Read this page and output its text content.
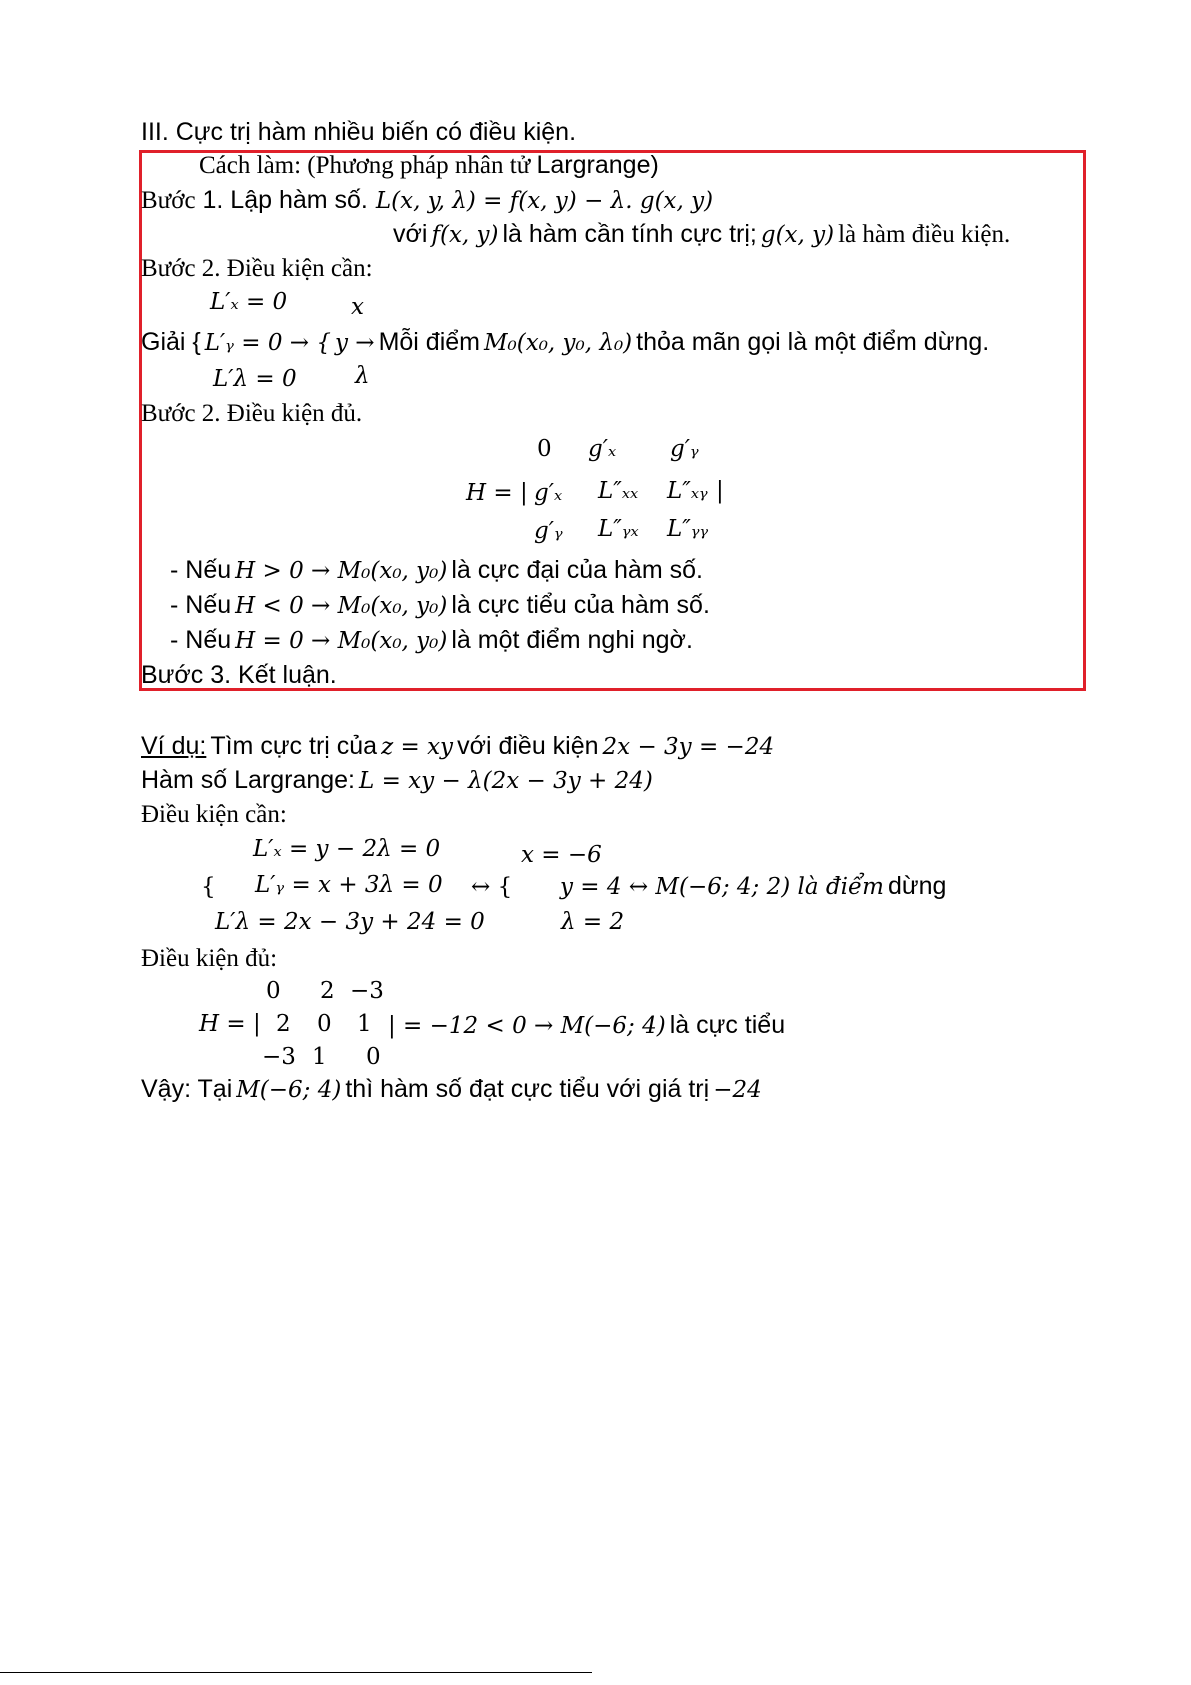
III. Cực trị hàm nhiều biến có điều kiện.
Cách làm: (Phương pháp nhân tử Largrange)
Bước 1. Lập hàm số. L(x, y, λ) = f(x, y) − λ. g(x, y)
với f(x, y) là hàm cần tính cực trị; g(x, y) là hàm điều kiện.
Bước 2. Điều kiện cần:
L′ₓ = 0	x
Giải { L′ᵧ = 0 → { y → Mỗi điểm M₀(x₀, y₀, λ₀) thỏa mãn gọi là một điểm dừng.
L′λ = 0	λ
Bước 2. Điều kiện đủ.
H = |
0 g′ₓ g′ᵧ
g′ₓ L″ₓₓ L″ₓᵧ |
g′ᵧ L″ᵧₓ L″ᵧᵧ
- Nếu H > 0 → M₀(x₀, y₀) là cực đại của hàm số.
- Nếu H < 0 → M₀(x₀, y₀) là cực tiểu của hàm số.
- Nếu H = 0 → M₀(x₀, y₀) là một điểm nghi ngờ.
Bước 3. Kết luận.
Ví dụ: Tìm cực trị của z = xy với điều kiện 2x − 3y = −24
Hàm số Largrange: L = xy − λ(2x − 3y + 24)
Điều kiện cần:
L′ₓ = y − 2λ = 0	x = −6
{ L′ᵧ = x + 3λ = 0 ↔ { y = 4 ↔ M(−6; 4; 2) là điểm dừng
L′λ = 2x − 3y + 24 = 0	λ = 2
Điều kiện đủ:
0 2 −3
H = | 2 0 1 | = −12 < 0 → M(−6; 4) là cực tiểu
−3 1 0
Vậy: Tại M(−6; 4) thì hàm số đạt cực tiểu với giá trị −24
